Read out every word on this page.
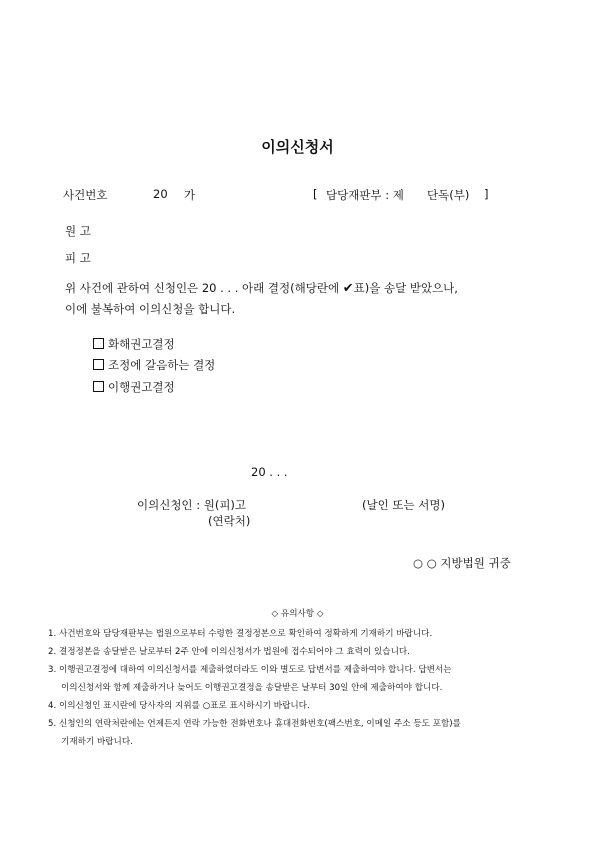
이의신청서
사건번호	20 가	[ 담당재판부 : 제 단독(부) ]
원 고
피 고
위 사건에 관하여 신청인은 20 . . . 아래 결정(해당란에 ✔표)을 송달 받았으나,
이에 불복하여 이의신청을 합니다.
화해권고결정
조정에 갈음하는 결정
이행권고결정
20 . . .
이의신청인 : 원(피)고	(날인 또는 서명)
(연락처)
○ ○ 지방법원 귀중
◇ 유의사항 ◇
1. 사건번호와 담당재판부는 법원으로부터 수령한 결정정본으로 확인하여 정확하게 기재하기 바랍니다.
2. 결정정본을 송달받은 날로부터 2주 안에 이의신청서가 법원에 접수되어야 그 효력이 있습니다.
3. 이행권고결정에 대하여 이의신청서를 제출하였더라도 이와 별도로 답변서를 제출하여야 합니다. 답변서는
이의신청서와 함께 제출하거나 늦어도 이행권고결정을 송달받은 날부터 30일 안에 제출하여야 합니다.
4. 이의신청인 표시란에 당사자의 지위를 ○표로 표시하시기 바랍니다.
5. 신청인의 연락처란에는 언제든지 연락 가능한 전화번호나 휴대전화번호(팩스번호, 이메일 주소 등도 포함)를
기재하기 바랍니다.
